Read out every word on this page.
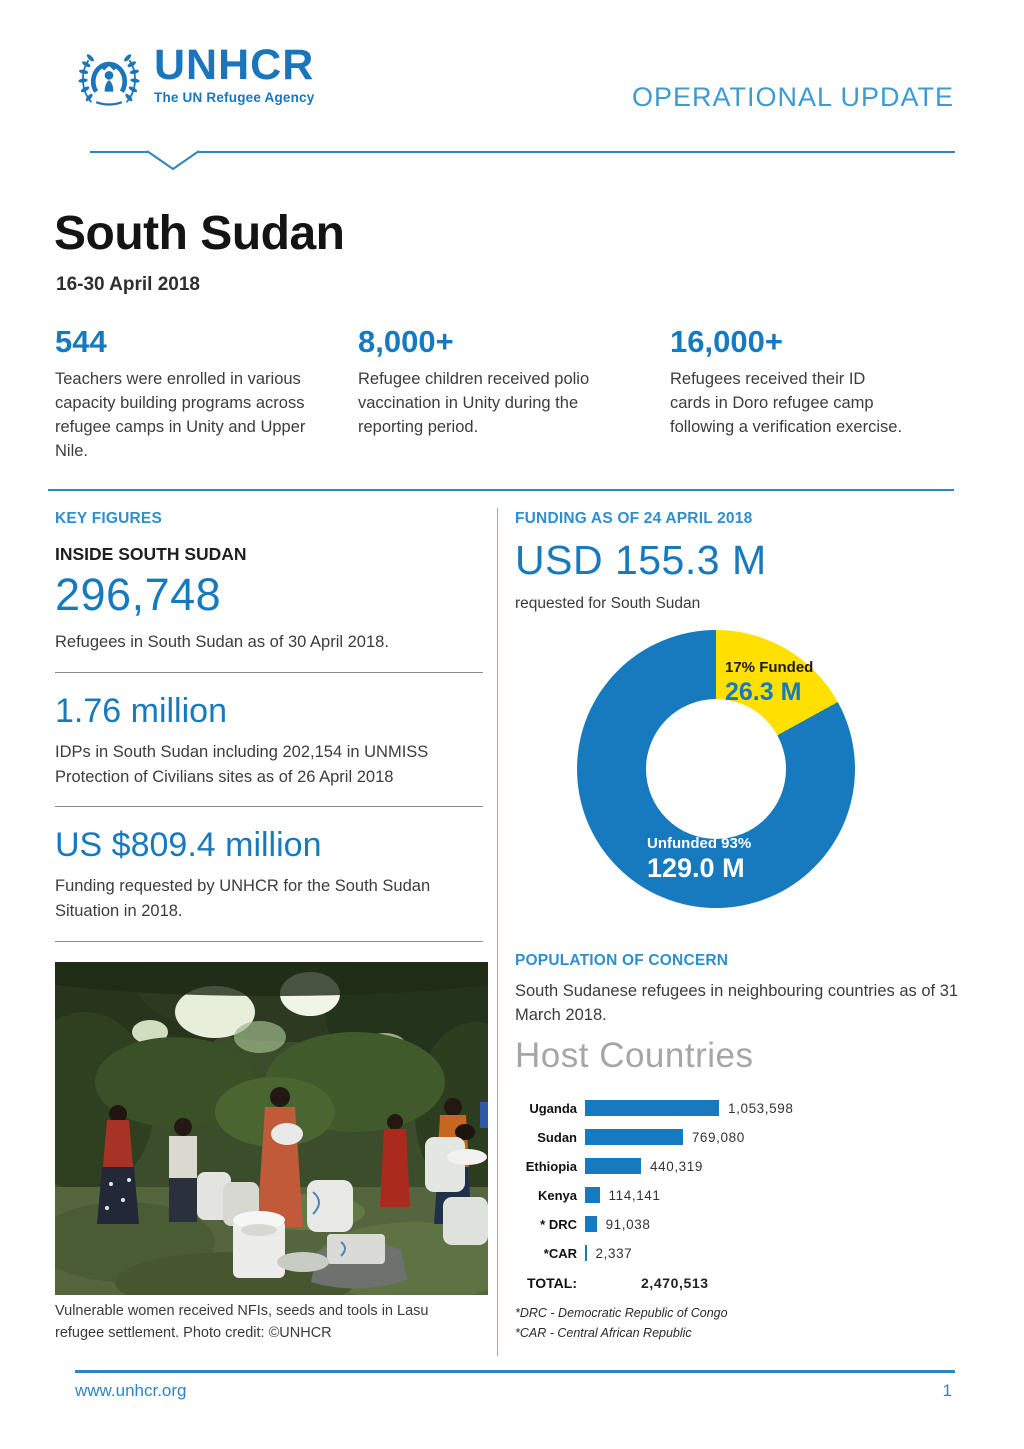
UNHCR
The UN Refugee Agency	OPERATIONAL UPDATE
South Sudan
16-30 April 2018
544
Teachers were enrolled in various capacity building programs across refugee camps in Unity and Upper Nile.
8,000+
Refugee children received polio vaccination in Unity during the reporting period.
16,000+
Refugees received their ID cards in Doro refugee camp following a verification exercise.
KEY FIGURES
INSIDE SOUTH SUDAN
296,748
Refugees in South Sudan as of 30 April 2018.
1.76 million
IDPs in South Sudan including 202,154 in UNMISS Protection of Civilians sites as of 26 April 2018
US $809.4 million
Funding requested by UNHCR for the South Sudan Situation in 2018.
FUNDING AS OF 24 APRIL 2018
USD 155.3 M
requested for South Sudan
17% Funded
26.3 M
Unfunded 93%
129.0 M
Vulnerable women received NFIs, seeds and tools in Lasu refugee settlement. Photo credit: ©UNHCR
POPULATION OF CONCERN
South Sudanese refugees in neighbouring countries as of 31 March 2018.
Host Countries
Uganda	1,053,598
Sudan	769,080
Ethiopia	440,319
Kenya	114,141
* DRC	91,038
*CAR	2,337
TOTAL:	2,470,513
*DRC - Democratic Republic of Congo
*CAR - Central African Republic
www.unhcr.org	1
